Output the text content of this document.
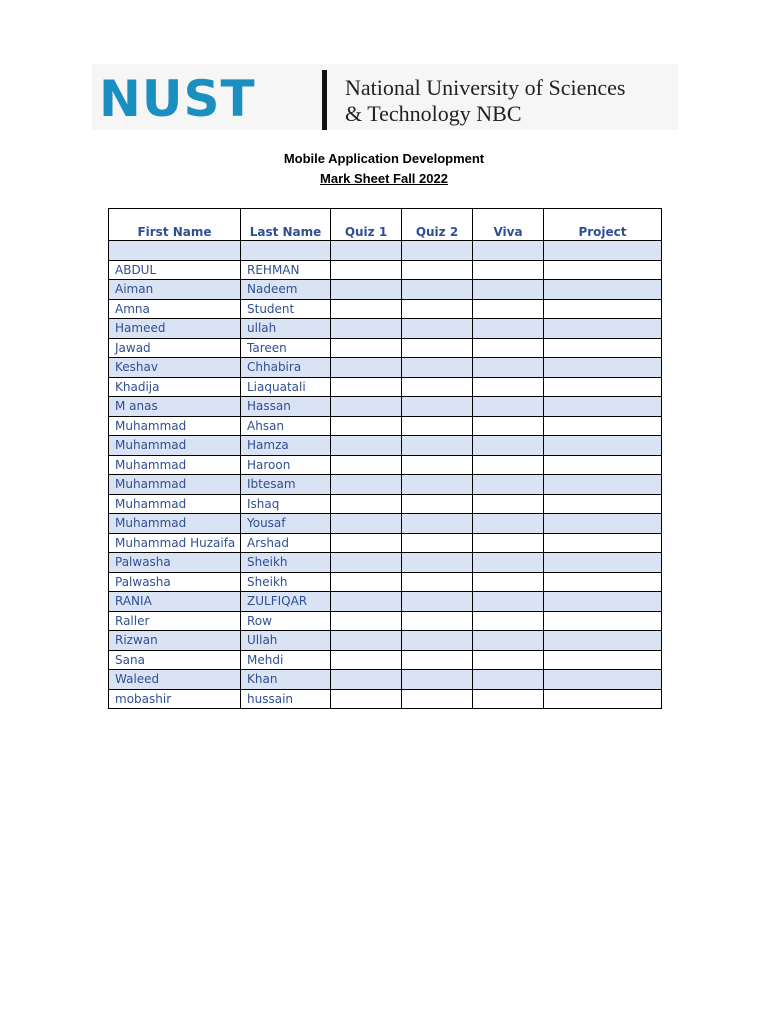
NUST	National University of Sciences
& Technology NBC
Mobile Application Development
Mark Sheet Fall 2022
First Name	Last Name	Quiz 1	Quiz 2	Viva	Project

ABDUL	REHMAN				
Aiman	Nadeem				
Amna	Student				
Hameed	ullah				
Jawad	Tareen				
Keshav	Chhabira				
Khadija	Liaquatali				
M anas	Hassan				
Muhammad	Ahsan				
Muhammad	Hamza				
Muhammad	Haroon				
Muhammad	Ibtesam				
Muhammad	Ishaq				
Muhammad	Yousaf				
Muhammad Huzaifa	Arshad				
Palwasha	Sheikh				
Palwasha	Sheikh				
RANIA	ZULFIQAR				
Raller	Row				
Rizwan	Ullah				
Sana	Mehdi				
Waleed	Khan				
mobashir	hussain				
